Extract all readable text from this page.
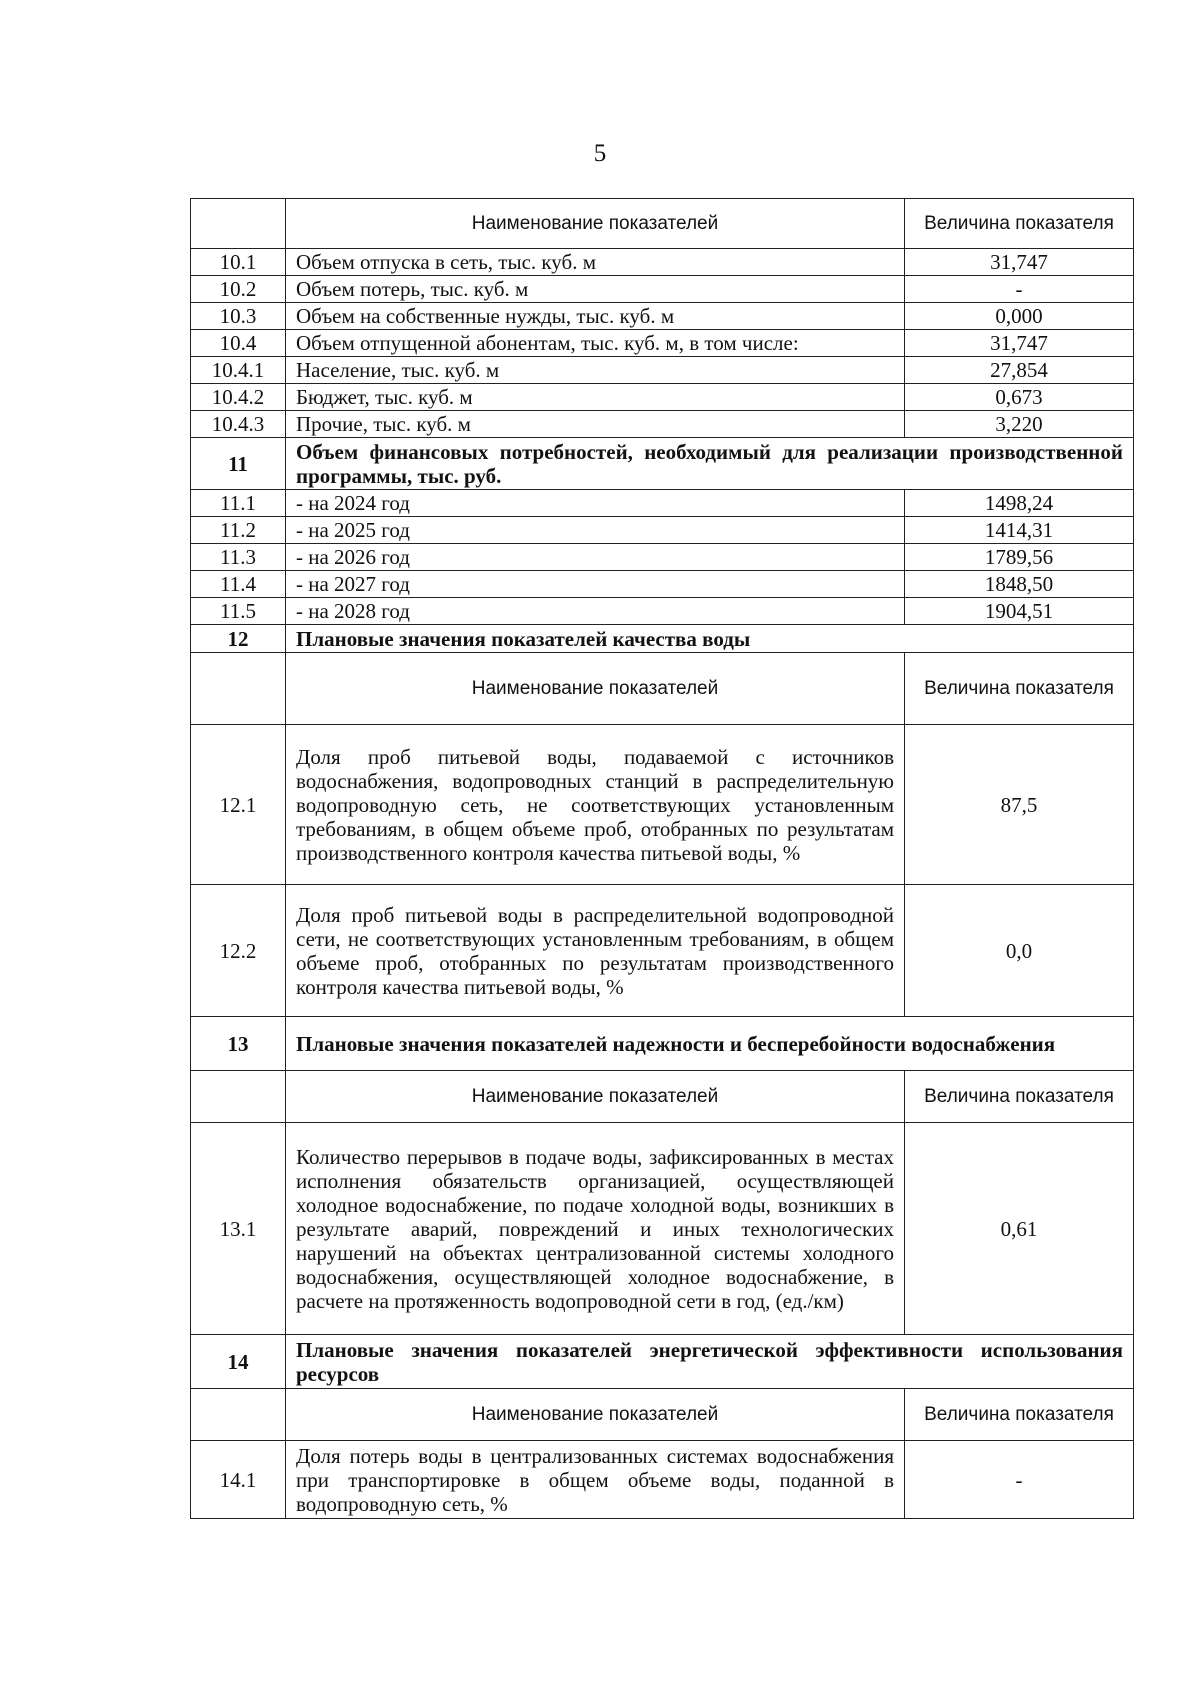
5
	Наименование показателей	Величина показателя
10.1	Объем отпуска в сеть, тыс. куб. м	31,747
10.2	Объем потерь, тыс. куб. м	-
10.3	Объем на собственные нужды, тыс. куб. м	0,000
10.4	Объем отпущенной абонентам, тыс. куб. м, в том числе:	31,747
10.4.1	Население, тыс. куб. м	27,854
10.4.2	Бюджет, тыс. куб. м	0,673
10.4.3	Прочие, тыс. куб. м	3,220
11	Объем финансовых потребностей, необходимый для реализации производственной программы, тыс. руб.	
11.1	- на 2024 год	1498,24
11.2	- на 2025 год	1414,31
11.3	- на 2026 год	1789,56
11.4	- на 2027 год	1848,50
11.5	- на 2028 год	1904,51
12	Плановые значения показателей качества воды	
	Наименование показателей	Величина показателя
12.1	Доля проб питьевой воды, подаваемой с источников водоснабжения, водопроводных станций в распределительную водопроводную сеть, не соответствующих установленным требованиям, в общем объеме проб, отобранных по результатам производственного контроля качества питьевой воды, %	87,5
12.2	Доля проб питьевой воды в распределительной водопроводной сети, не соответствующих установленным требованиям, в общем объеме проб, отобранных по результатам производственного контроля качества питьевой воды, %	0,0
13	Плановые значения показателей надежности и бесперебойности водоснабжения	
	Наименование показателей	Величина показателя
13.1	Количество перерывов в подаче воды, зафиксированных в местах исполнения обязательств организацией, осуществляющей холодное водоснабжение, по подаче холодной воды, возникших в результате аварий, повреждений и иных технологических нарушений на объектах централизованной системы холодного водоснабжения, осуществляющей холодное водоснабжение, в расчете на протяженность водопроводной сети в год, (ед./км)	0,61
14	Плановые значения показателей энергетической эффективности использования ресурсов	
	Наименование показателей	Величина показателя
14.1	Доля потерь воды в централизованных системах водоснабжения при транспортировке в общем объеме воды, поданной в водопроводную сеть, %	-
